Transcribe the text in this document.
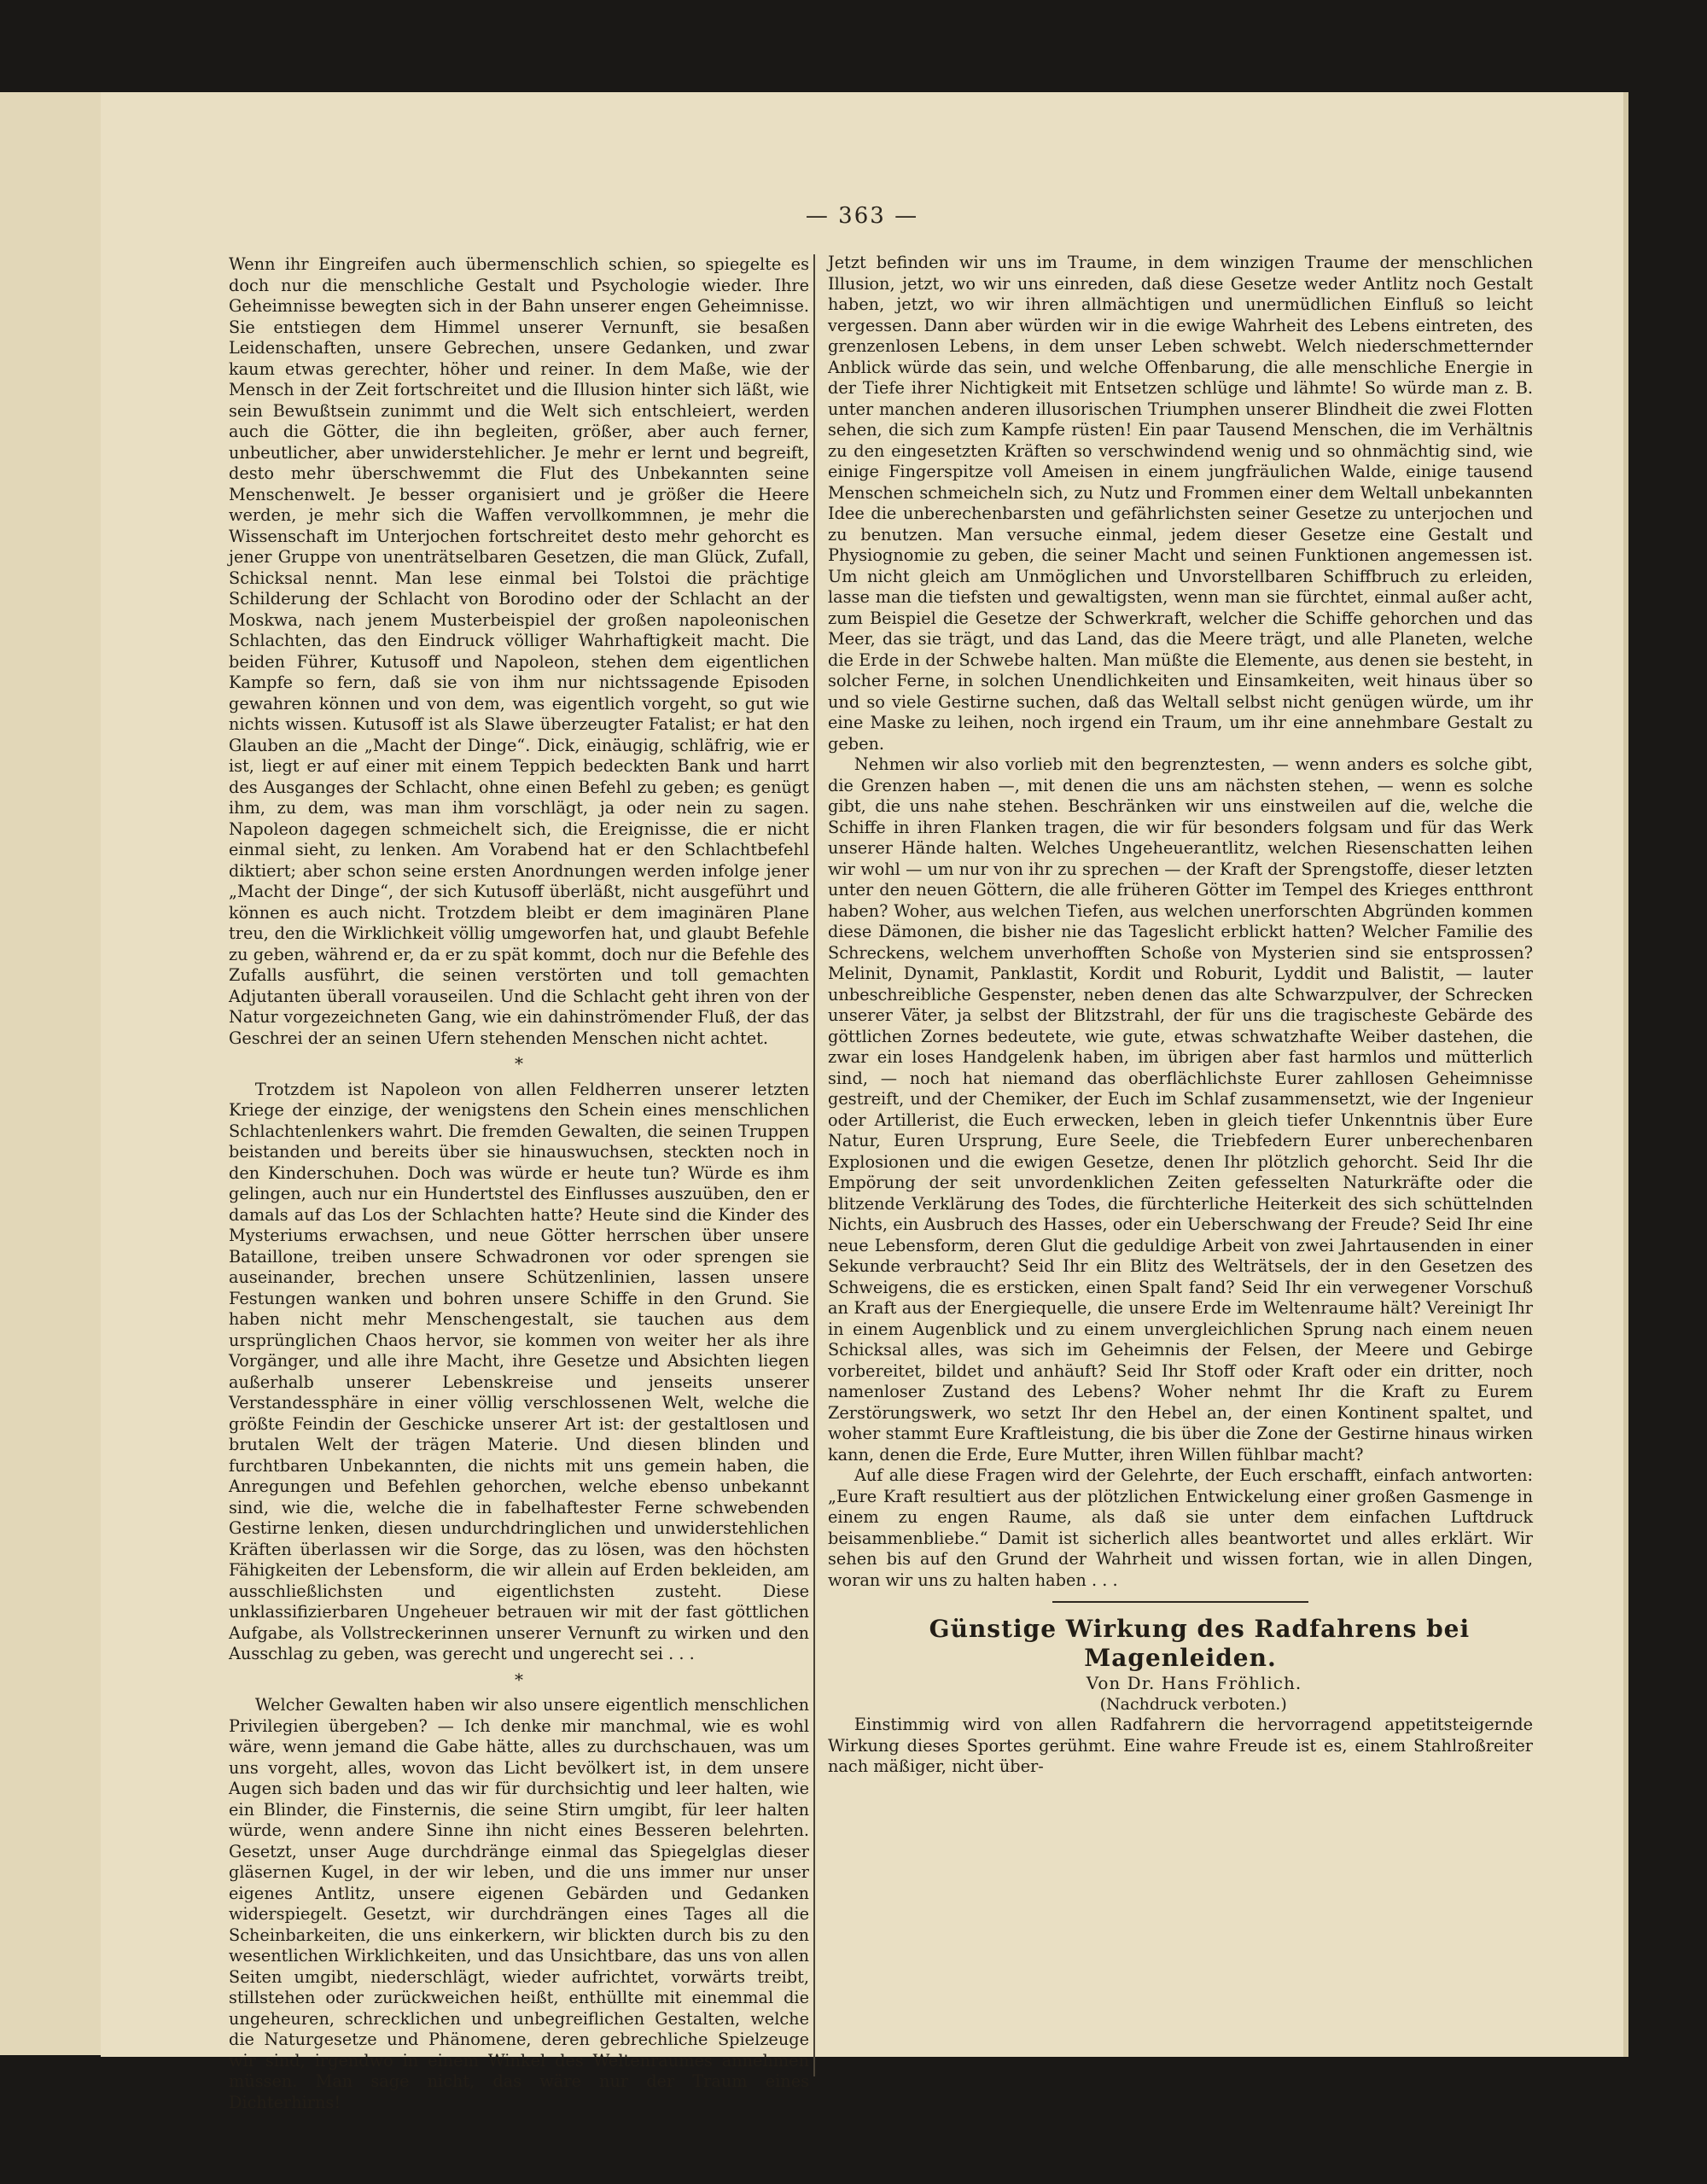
— 363 —

Wenn ihr Eingreifen auch übermenschlich schien, so spiegelte es doch nur die menschliche Gestalt und Psychologie wieder. Ihre Geheimnisse bewegten sich in der Bahn unserer engen Geheimnisse. Sie entstiegen dem Himmel unserer Vernunft, sie besaßen Leidenschaften, unsere Gebrechen, unsere Gedanken, und zwar kaum etwas gerechter, höher und reiner. In dem Maße, wie der Mensch in der Zeit fortschreitet und die Illusion hinter sich läßt, wie sein Bewußtsein zunimmt und die Welt sich entschleiert, werden auch die Götter, die ihn begleiten, größer, aber auch ferner, unbeutlicher, aber unwiderstehlicher. Je mehr er lernt und begreift, desto mehr überschwemmt die Flut des Unbekannten seine Menschenwelt. Je besser organisiert und je größer die Heere werden, je mehr sich die Waffen vervollkommnen, je mehr die Wissenschaft im Unterjochen fortschreitet desto mehr gehorcht es jener Gruppe von unenträtselbaren Gesetzen, die man Glück, Zufall, Schicksal nennt. Man lese einmal bei Tolstoi die prächtige Schilderung der Schlacht von Borodino oder der Schlacht an der Moskwa, nach jenem Musterbeispiel der großen napoleonischen Schlachten, das den Eindruck völliger Wahrhaftigkeit macht. Die beiden Führer, Kutusoff und Napoleon, stehen dem eigentlichen Kampfe so fern, daß sie von ihm nur nichtssagende Episoden gewahren können und von dem, was eigentlich vorgeht, so gut wie nichts wissen. Kutusoff ist als Slawe überzeugter Fatalist; er hat den Glauben an die „Macht der Dinge“. Dick, einäugig, schläfrig, wie er ist, liegt er auf einer mit einem Teppich bedeckten Bank und harrt des Ausganges der Schlacht, ohne einen Befehl zu geben; es genügt ihm, zu dem, was man ihm vorschlägt, ja oder nein zu sagen. Napoleon dagegen schmeichelt sich, die Ereignisse, die er nicht einmal sieht, zu lenken. Am Vorabend hat er den Schlachtbefehl diktiert; aber schon seine ersten Anordnungen werden infolge jener „Macht der Dinge“, der sich Kutusoff überläßt, nicht ausgeführt und können es auch nicht. Trotzdem bleibt er dem imaginären Plane treu, den die Wirklichkeit völlig umgeworfen hat, und glaubt Befehle zu geben, während er, da er zu spät kommt, doch nur die Befehle des Zufalls ausführt, die seinen verstörten und toll gemachten Adjutanten überall vorauseilen. Und die Schlacht geht ihren von der Natur vorgezeichneten Gang, wie ein dahinströmender Fluß, der das Geschrei der an seinen Ufern stehenden Menschen nicht achtet.

*

Trotzdem ist Napoleon von allen Feldherren unserer letzten Kriege der einzige, der wenigstens den Schein eines menschlichen Schlachtenlenkers wahrt. Die fremden Gewalten, die seinen Truppen beistanden und bereits über sie hinauswuchsen, steckten noch in den Kinderschuhen. Doch was würde er heute tun? Würde es ihm gelingen, auch nur ein Hundertstel des Einflusses auszuüben, den er damals auf das Los der Schlachten hatte? Heute sind die Kinder des Mysteriums erwachsen, und neue Götter herrschen über unsere Bataillone, treiben unsere Schwadronen vor oder sprengen sie auseinander, brechen unsere Schützenlinien, lassen unsere Festungen wanken und bohren unsere Schiffe in den Grund. Sie haben nicht mehr Menschengestalt, sie tauchen aus dem ursprünglichen Chaos hervor, sie kommen von weiter her als ihre Vorgänger, und alle ihre Macht, ihre Gesetze und Absichten liegen außerhalb unserer Lebenskreise und jenseits unserer Verstandessphäre in einer völlig verschlossenen Welt, welche die größte Feindin der Geschicke unserer Art ist: der gestaltlosen und brutalen Welt der trägen Materie. Und diesen blinden und furchtbaren Unbekannten, die nichts mit uns gemein haben, die Anregungen und Befehlen gehorchen, welche ebenso unbekannt sind, wie die, welche die in fabelhaftester Ferne schwebenden Gestirne lenken, diesen undurchdringlichen und unwiderstehlichen Kräften überlassen wir die Sorge, das zu lösen, was den höchsten Fähigkeiten der Lebensform, die wir allein auf Erden bekleiden, am ausschließlichsten und eigentlichsten zusteht. Diese unklassifizierbaren Ungeheuer betrauen wir mit der fast göttlichen Aufgabe, als Vollstreckerinnen unserer Vernunft zu wirken und den Ausschlag zu geben, was gerecht und ungerecht sei . . .

*

Welcher Gewalten haben wir also unsere eigentlich menschlichen Privilegien übergeben? — Ich denke mir manchmal, wie es wohl wäre, wenn jemand die Gabe hätte, alles zu durchschauen, was um uns vorgeht, alles, wovon das Licht bevölkert ist, in dem unsere Augen sich baden und das wir für durchsichtig und leer halten, wie ein Blinder, die Finsternis, die seine Stirn umgibt, für leer halten würde, wenn andere Sinne ihn nicht eines Besseren belehrten. Gesetzt, unser Auge durchdränge einmal das Spiegelglas dieser gläsernen Kugel, in der wir leben, und die uns immer nur unser eigenes Antlitz, unsere eigenen Gebärden und Gedanken widerspiegelt. Gesetzt, wir durchdrängen eines Tages all die Scheinbarkeiten, die uns einkerkern, wir blickten durch bis zu den wesentlichen Wirklichkeiten, und das Unsichtbare, das uns von allen Seiten umgibt, niederschlägt, wieder aufrichtet, vorwärts treibt, stillstehen oder zurückweichen heißt, enthüllte mit einemmal die ungeheuren, schrecklichen und unbegreiflichen Gestalten, welche die Naturgesetze und Phänomene, deren gebrechliche Spielzeuge wir sind, irgendwo in einem Winkel des Weltenraumes annehmen müssen. Man sage nicht, das wäre nur der Traum eines Dichterhirns!

Jetzt befinden wir uns im Traume, in dem winzigen Traume der menschlichen Illusion, jetzt, wo wir uns einreden, daß diese Gesetze weder Antlitz noch Gestalt haben, jetzt, wo wir ihren allmächtigen und unermüdlichen Einfluß so leicht vergessen. Dann aber würden wir in die ewige Wahrheit des Lebens eintreten, des grenzenlosen Lebens, in dem unser Leben schwebt. Welch niederschmetternder Anblick würde das sein, und welche Offenbarung, die alle menschliche Energie in der Tiefe ihrer Nichtigkeit mit Entsetzen schlüge und lähmte! So würde man z. B. unter manchen anderen illusorischen Triumphen unserer Blindheit die zwei Flotten sehen, die sich zum Kampfe rüsten! Ein paar Tausend Menschen, die im Verhältnis zu den eingesetzten Kräften so verschwindend wenig und so ohnmächtig sind, wie einige Fingerspitze voll Ameisen in einem jungfräulichen Walde, einige tausend Menschen schmeicheln sich, zu Nutz und Frommen einer dem Weltall unbekannten Idee die unberechenbarsten und gefährlichsten seiner Gesetze zu unterjochen und zu benutzen. Man versuche einmal, jedem dieser Gesetze eine Gestalt und Physiognomie zu geben, die seiner Macht und seinen Funktionen angemessen ist. Um nicht gleich am Unmöglichen und Unvorstellbaren Schiffbruch zu erleiden, lasse man die tiefsten und gewaltigsten, wenn man sie fürchtet, einmal außer acht, zum Beispiel die Gesetze der Schwerkraft, welcher die Schiffe gehorchen und das Meer, das sie trägt, und das Land, das die Meere trägt, und alle Planeten, welche die Erde in der Schwebe halten. Man müßte die Elemente, aus denen sie besteht, in solcher Ferne, in solchen Unendlichkeiten und Einsamkeiten, weit hinaus über so und so viele Gestirne suchen, daß das Weltall selbst nicht genügen würde, um ihr eine Maske zu leihen, noch irgend ein Traum, um ihr eine annehmbare Gestalt zu geben.

Nehmen wir also vorlieb mit den begrenztesten, — wenn anders es solche gibt, die Grenzen haben —, mit denen die uns am nächsten stehen, — wenn es solche gibt, die uns nahe stehen. Beschränken wir uns einstweilen auf die, welche die Schiffe in ihren Flanken tragen, die wir für besonders folgsam und für das Werk unserer Hände halten. Welches Ungeheuerantlitz, welchen Riesenschatten leihen wir wohl — um nur von ihr zu sprechen — der Kraft der Sprengstoffe, dieser letzten unter den neuen Göttern, die alle früheren Götter im Tempel des Krieges entthront haben? Woher, aus welchen Tiefen, aus welchen unerforschten Abgründen kommen diese Dämonen, die bisher nie das Tageslicht erblickt hatten? Welcher Familie des Schreckens, welchem unverhofften Schoße von Mysterien sind sie entsprossen? Melinit, Dynamit, Panklastit, Kordit und Roburit, Lyddit und Balistit, — lauter unbeschreibliche Gespenster, neben denen das alte Schwarzpulver, der Schrecken unserer Väter, ja selbst der Blitzstrahl, der für uns die tragischeste Gebärde des göttlichen Zornes bedeutete, wie gute, etwas schwatzhafte Weiber dastehen, die zwar ein loses Handgelenk haben, im übrigen aber fast harmlos und mütterlich sind, — noch hat niemand das oberflächlichste Eurer zahllosen Geheimnisse gestreift, und der Chemiker, der Euch im Schlaf zusammensetzt, wie der Ingenieur oder Artillerist, die Euch erwecken, leben in gleich tiefer Unkenntnis über Eure Natur, Euren Ursprung, Eure Seele, die Triebfedern Eurer unberechenbaren Explosionen und die ewigen Gesetze, denen Ihr plötzlich gehorcht. Seid Ihr die Empörung der seit unvordenklichen Zeiten gefesselten Naturkräfte oder die blitzende Verklärung des Todes, die fürchterliche Heiterkeit des sich schüttelnden Nichts, ein Ausbruch des Hasses, oder ein Ueberschwang der Freude? Seid Ihr eine neue Lebensform, deren Glut die geduldige Arbeit von zwei Jahrtausenden in einer Sekunde verbraucht? Seid Ihr ein Blitz des Welträtsels, der in den Gesetzen des Schweigens, die es ersticken, einen Spalt fand? Seid Ihr ein verwegener Vorschuß an Kraft aus der Energiequelle, die unsere Erde im Weltenraume hält? Vereinigt Ihr in einem Augenblick und zu einem unvergleichlichen Sprung nach einem neuen Schicksal alles, was sich im Geheimnis der Felsen, der Meere und Gebirge vorbereitet, bildet und anhäuft? Seid Ihr Stoff oder Kraft oder ein dritter, noch namenloser Zustand des Lebens? Woher nehmt Ihr die Kraft zu Eurem Zerstörungswerk, wo setzt Ihr den Hebel an, der einen Kontinent spaltet, und woher stammt Eure Kraftleistung, die bis über die Zone der Gestirne hinaus wirken kann, denen die Erde, Eure Mutter, ihren Willen fühlbar macht?

Auf alle diese Fragen wird der Gelehrte, der Euch erschafft, einfach antworten: „Eure Kraft resultiert aus der plötzlichen Entwickelung einer großen Gasmenge in einem zu engen Raume, als daß sie unter dem einfachen Luftdruck beisammenbliebe.“ Damit ist sicherlich alles beantwortet und alles erklärt. Wir sehen bis auf den Grund der Wahrheit und wissen fortan, wie in allen Dingen, woran wir uns zu halten haben . . .

Günstige Wirkung des Radfahrens bei Magenleiden.

Von Dr. Hans Fröhlich.

(Nachdruck verboten.)

Einstimmig wird von allen Radfahrern die hervorragend appetitsteigernde Wirkung dieses Sportes gerühmt. Eine wahre Freude ist es, einem Stahlroßreiter nach mäßiger, nicht über-
